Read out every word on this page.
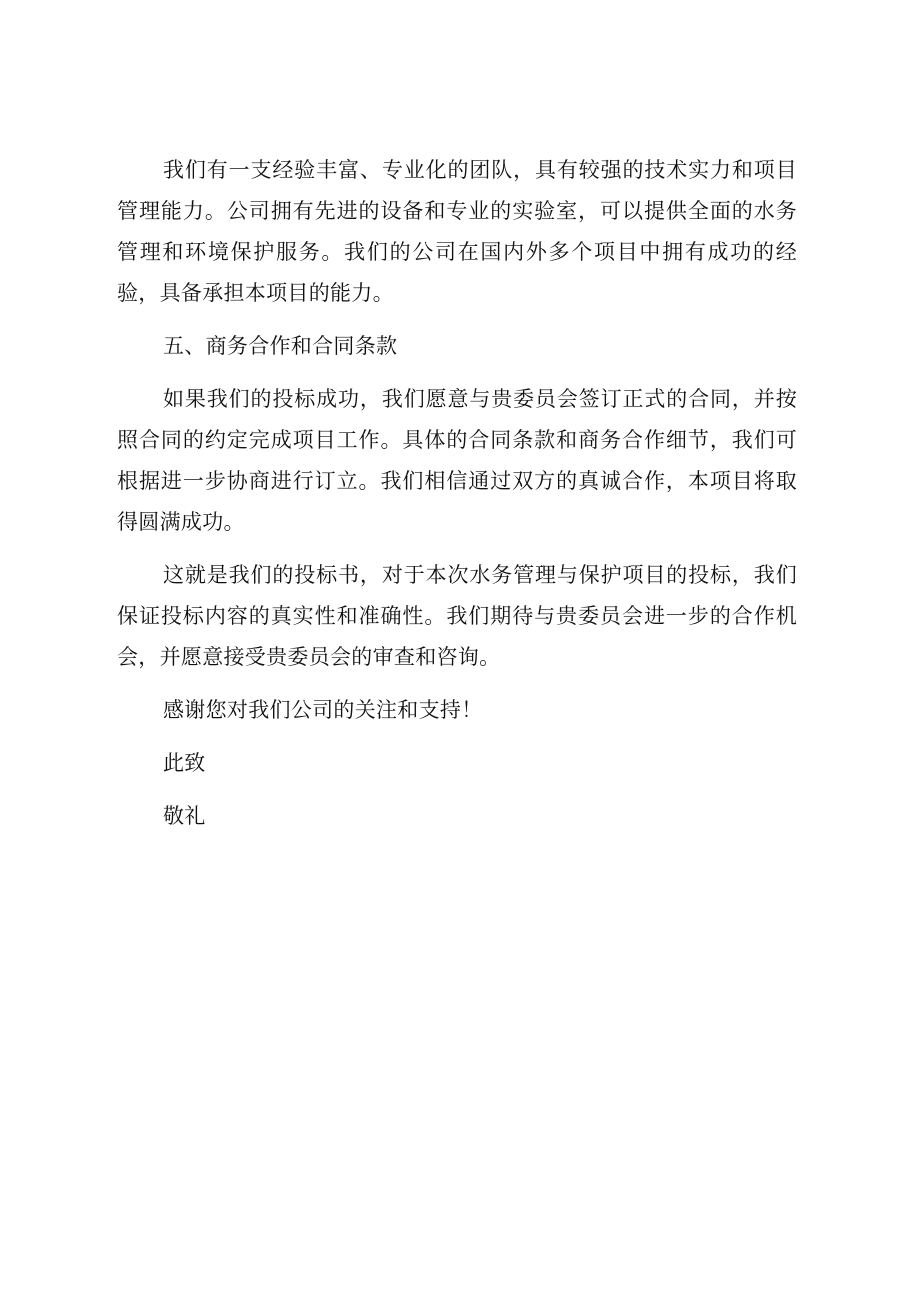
我们有一支经验丰富、专业化的团队，具有较强的技术实力和项目管理能力。公司拥有先进的设备和专业的实验室，可以提供全面的水务管理和环境保护服务。我们的公司在国内外多个项目中拥有成功的经验，具备承担本项目的能力。

五、商务合作和合同条款

如果我们的投标成功，我们愿意与贵委员会签订正式的合同，并按照合同的约定完成项目工作。具体的合同条款和商务合作细节，我们可根据进一步协商进行订立。我们相信通过双方的真诚合作，本项目将取得圆满成功。

这就是我们的投标书，对于本次水务管理与保护项目的投标，我们保证投标内容的真实性和准确性。我们期待与贵委员会进一步的合作机会，并愿意接受贵委员会的审查和咨询。

感谢您对我们公司的关注和支持！

此致

敬礼
